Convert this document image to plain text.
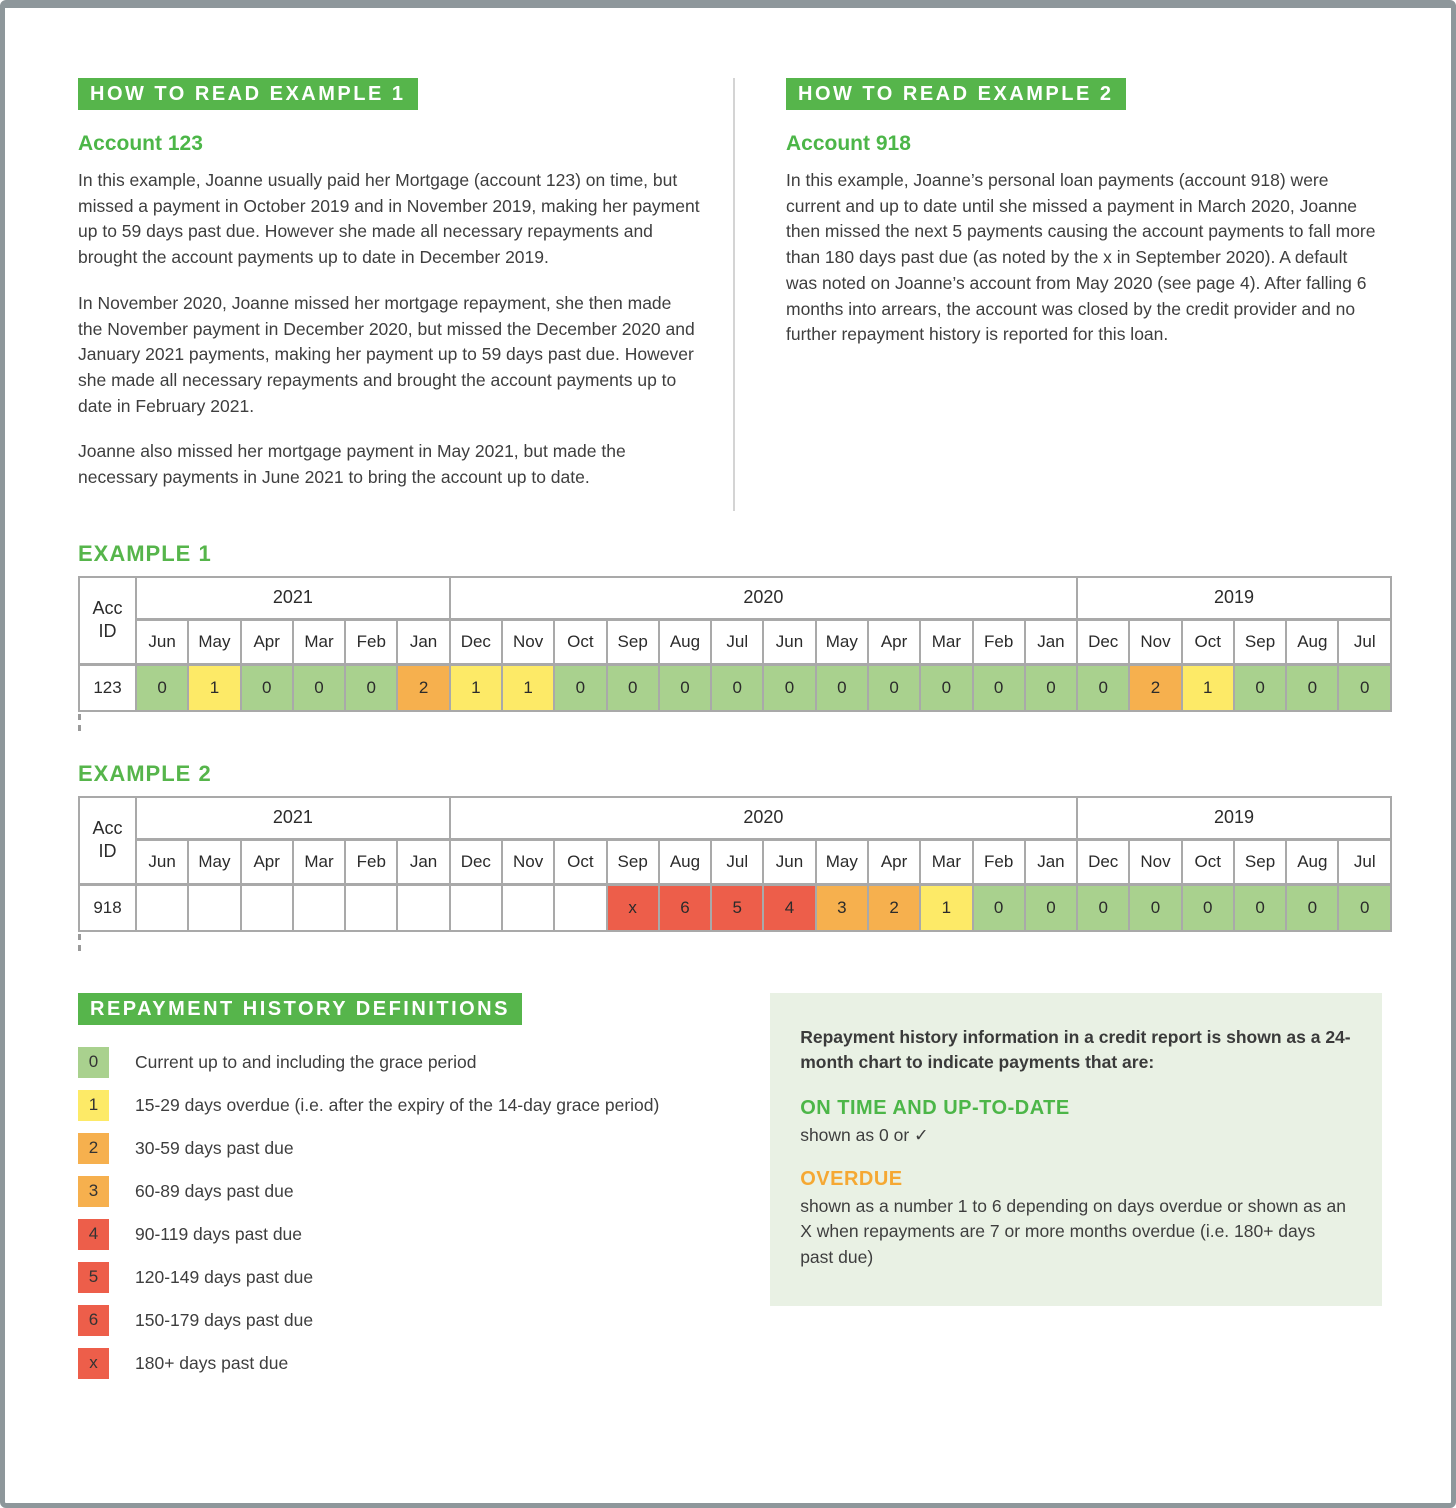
HOW TO READ EXAMPLE 1
Account 123

In this example, Joanne usually paid her Mortgage (account 123) on time, but missed a payment in October 2019 and in November 2019, making her payment up to 59 days past due. However she made all necessary repayments and brought the account payments up to date in December 2019.

In November 2020, Joanne missed her mortgage repayment, she then made the November payment in December 2020, but missed the December 2020 and January 2021 payments, making her payment up to 59 days past due. However she made all necessary repayments and brought the account payments up to date in February 2021.

Joanne also missed her mortgage payment in May 2021, but made the necessary payments in June 2021 to bring the account up to date.

HOW TO READ EXAMPLE 2
Account 918

In this example, Joanne’s personal loan payments (account 918) were current and up to date until she missed a payment in March 2020, Joanne then missed the next 5 payments causing the account payments to fall more than 180 days past due (as noted by the x in September 2020). A default was noted on Joanne’s account from May 2020 (see page 4). After falling 6 months into arrears, the account was closed by the credit provider and no further repayment history is reported for this loan.

EXAMPLE 1
Acc
ID	2021						2020												2019					
	Jun	May	Apr	Mar	Feb	Jan	Dec	Nov	Oct	Sep	Aug	Jul	Jun	May	Apr	Mar	Feb	Jan	Dec	Nov	Oct	Sep	Aug	Jul
123	0	1	0	0	0	2	1	1	0	0	0	0	0	0	0	0	0	0	0	2	1	0	0	0
EXAMPLE 2
Acc
ID	2021						2020												2019					
	Jun	May	Apr	Mar	Feb	Jan	Dec	Nov	Oct	Sep	Aug	Jul	Jun	May	Apr	Mar	Feb	Jan	Dec	Nov	Oct	Sep	Aug	Jul
918										x	6	5	4	3	2	1	0	0	0	0	0	0	0	0
REPAYMENT HISTORY DEFINITIONS
0	Current up to and including the grace period
1	15-29 days overdue (i.e. after the expiry of the 14-day grace period)
2	30-59 days past due
3	60-89 days past due
4	90-119 days past due
5	120-149 days past due
6	150-179 days past due
x	180+ days past due

Repayment history information in a credit report is shown as a 24-month chart to indicate payments that are:

ON TIME AND UP-TO-DATE

shown as 0 or ✓

OVERDUE

shown as a number 1 to 6 depending on days overdue or shown as an X when repayments are 7 or more months overdue (i.e. 180+ days past due)
